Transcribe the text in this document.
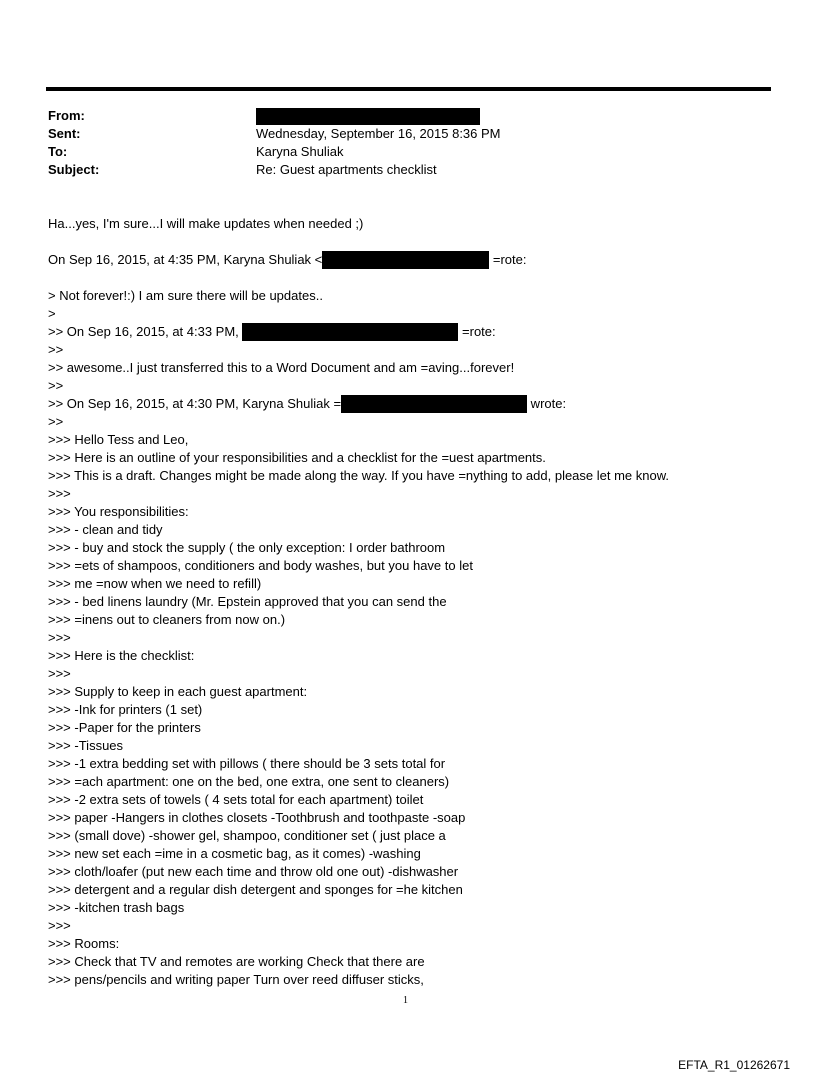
From:
Sent:	Wednesday, September 16, 2015 8:36 PM
To:	Karyna Shuliak
Subject:	Re: Guest apartments checklist
Ha...yes, I'm sure...I will make updates when needed ;)
On Sep 16, 2015, at 4:35 PM, Karyna Shuliak <	=rote:
> Not forever!:) I am sure there will be updates..
>
>> On Sep 16, 2015, at 4:33 PM,	=rote:
>>
>> awesome..I just transferred this to a Word Document and am =aving...forever!
>>
>> On Sep 16, 2015, at 4:30 PM, Karyna Shuliak =	wrote:
>>
>>> Hello Tess and Leo,
>>> Here is an outline of your responsibilities and a checklist for the =uest apartments.
>>> This is a draft. Changes might be made along the way. If you have =nything to add, please let me know.
>>>
>>> You responsibilities:
>>> - clean and tidy
>>> - buy and stock the supply ( the only exception: I order bathroom
>>> =ets of shampoos, conditioners and body washes, but you have to let
>>> me =now when we need to refill)
>>> - bed linens laundry (Mr. Epstein approved that you can send the
>>> =inens out to cleaners from now on.)
>>>
>>> Here is the checklist:
>>>
>>> Supply to keep in each guest apartment:
>>> -Ink for printers (1 set)
>>> -Paper for the printers
>>> -Tissues
>>> -1 extra bedding set with pillows ( there should be 3 sets total for
>>> =ach apartment: one on the bed, one extra, one sent to cleaners)
>>> -2 extra sets of towels ( 4 sets total for each apartment) toilet
>>> paper -Hangers in clothes closets -Toothbrush and toothpaste -soap
>>> (small dove) -shower gel, shampoo, conditioner set ( just place a
>>> new set each =ime in a cosmetic bag, as it comes) -washing
>>> cloth/loafer (put new each time and throw old one out) -dishwasher
>>> detergent and a regular dish detergent and sponges for =he kitchen
>>> -kitchen trash bags
>>>
>>> Rooms:
>>> Check that TV and remotes are working Check that there are
>>> pens/pencils and writing paper Turn over reed diffuser sticks,
1
EFTA_R1_01262671
